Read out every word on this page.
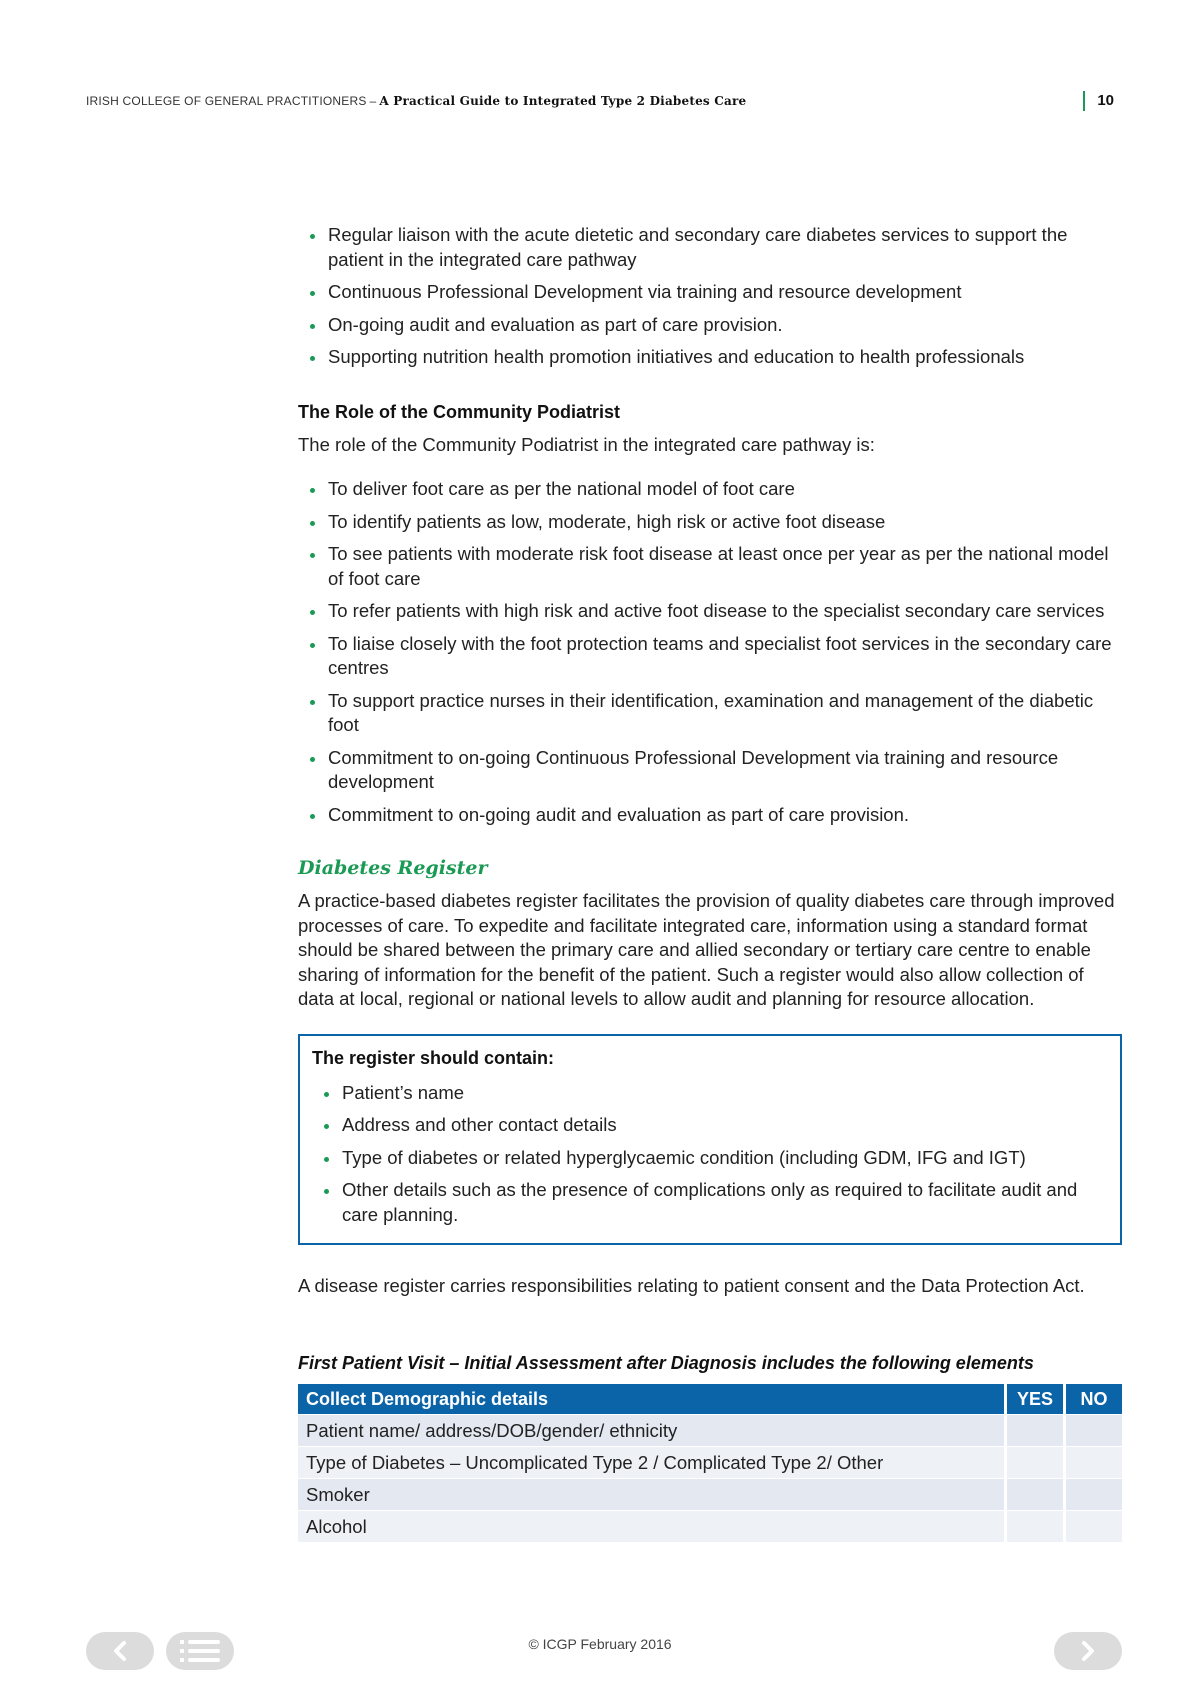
IRISH COLLEGE OF GENERAL PRACTITIONERS – A Practical Guide to Integrated Type 2 Diabetes Care	10
Regular liaison with the acute dietetic and secondary care diabetes services to support the patient in the integrated care pathway
Continuous Professional Development via training and resource development
On-going audit and evaluation as part of care provision.
Supporting nutrition health promotion initiatives and education to health professionals
The Role of the Community Podiatrist

The role of the Community Podiatrist in the integrated care pathway is:

To deliver foot care as per the national model of foot care
To identify patients as low, moderate, high risk or active foot disease
To see patients with moderate risk foot disease at least once per year as per the national model of foot care
To refer patients with high risk and active foot disease to the specialist secondary care services
To liaise closely with the foot protection teams and specialist foot services in the secondary care centres
To support practice nurses in their identification, examination and management of the diabetic foot
Commitment to on-going Continuous Professional Development via training and resource development
Commitment to on-going audit and evaluation as part of care provision.
Diabetes Register

A practice-based diabetes register facilitates the provision of quality diabetes care through improved processes of care. To expedite and facilitate integrated care, information using a standard format should be shared between the primary care and allied secondary or tertiary care centre to enable sharing of information for the benefit of the patient. Such a register would also allow collection of data at local, regional or national levels to allow audit and planning for resource allocation.

The register should contain:
Patient’s name
Address and other contact details
Type of diabetes or related hyperglycaemic condition (including GDM, IFG and IGT)
Other details such as the presence of complications only as required to facilitate audit and care planning.

A disease register carries responsibilities relating to patient consent and the Data Protection Act.

First Patient Visit – Initial Assessment after Diagnosis includes the following elements
Collect Demographic details	YES	NO
Patient name/ address/DOB/gender/ ethnicity		
Type of Diabetes – Uncomplicated Type 2 / Complicated Type 2/ Other		
Smoker		
Alcohol		
© ICGP February 2016
